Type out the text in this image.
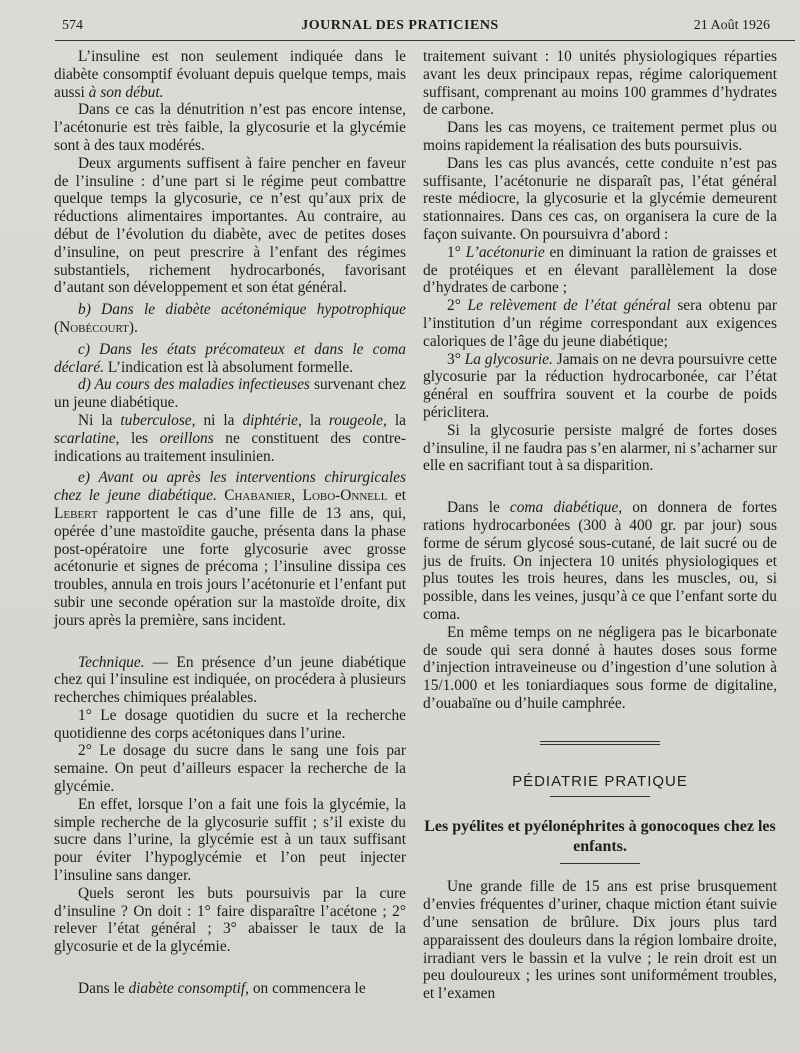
574	JOURNAL DES PRATICIENS	21 Août 1926

L’insuline est non seulement indiquée dans le diabète consomptif évoluant depuis quelque temps, mais aussi à son début.

Dans ce cas la dénutrition n’est pas encore intense, l’acétonurie est très faible, la glycosurie et la glycémie sont à des taux modérés.

Deux arguments suffisent à faire pencher en faveur de l’insuline : d’une part si le régime peut combattre quelque temps la glycosurie, ce n’est qu’aux prix de réductions alimentaires importantes. Au contraire, au début de l’évolution du diabète, avec de petites doses d’insuline, on peut prescrire à l’enfant des régimes substantiels, richement hydrocarbonés, favorisant d’autant son développement et son état général.

b) Dans le diabète acétonémique hypotrophique (Nobécourt).

c) Dans les états précomateux et dans le coma déclaré. L’indication est là absolument formelle.

d) Au cours des maladies infectieuses survenant chez un jeune diabétique.

Ni la tuberculose, ni la diphtérie, la rougeole, la scarlatine, les oreillons ne constituent des contre-indications au traitement insulinien.

e) Avant ou après les interventions chirurgicales chez le jeune diabétique. Chabanier, Lobo-Onnell et Lebert rapportent le cas d’une fille de 13 ans, qui, opérée d’une mastoïdite gauche, présenta dans la phase post-opératoire une forte glycosurie avec grosse acétonurie et signes de précoma ; l’insuline dissipa ces troubles, annula en trois jours l’acétonurie et l’enfant put subir une seconde opération sur la mastoïde droite, dix jours après la première, sans incident.

Technique. — En présence d’un jeune diabétique chez qui l’insuline est indiquée, on procédera à plusieurs recherches chimiques préalables.

1° Le dosage quotidien du sucre et la recherche quotidienne des corps acétoniques dans l’urine.

2° Le dosage du sucre dans le sang une fois par semaine. On peut d’ailleurs espacer la recherche de la glycémie.

En effet, lorsque l’on a fait une fois la glycémie, la simple recherche de la glycosurie suffit ; s’il existe du sucre dans l’urine, la glycémie est à un taux suffisant pour éviter l’hypoglycémie et l’on peut injecter l’insuline sans danger.

Quels seront les buts poursuivis par la cure d’insuline ? On doit : 1° faire disparaître l’acétone ; 2° relever l’état général ; 3° abaisser le taux de la glycosurie et de la glycémie.

Dans le diabète consomptif, on commencera le

traitement suivant : 10 unités physiologiques réparties avant les deux principaux repas, régime caloriquement suffisant, comprenant au moins 100 grammes d’hydrates de carbone.

Dans les cas moyens, ce traitement permet plus ou moins rapidement la réalisation des buts poursuivis.

Dans les cas plus avancés, cette conduite n’est pas suffisante, l’acétonurie ne disparaît pas, l’état général reste médiocre, la glycosurie et la glycémie demeurent stationnaires. Dans ces cas, on organisera la cure de la façon suivante. On poursuivra d’abord :

1° L’acétonurie en diminuant la ration de graisses et de protéiques et en élevant parallèlement la dose d’hydrates de carbone ;

2° Le relèvement de l’état général sera obtenu par l’institution d’un régime correspondant aux exigences caloriques de l’âge du jeune diabétique;

3° La glycosurie. Jamais on ne devra poursuivre cette glycosurie par la réduction hydrocarbonée, car l’état général en souffrira souvent et la courbe de poids périclitera.

Si la glycosurie persiste malgré de fortes doses d’insuline, il ne faudra pas s’en alarmer, ni s’acharner sur elle en sacrifiant tout à sa disparition.

Dans le coma diabétique, on donnera de fortes rations hydrocarbonées (300 à 400 gr. par jour) sous forme de sérum glycosé sous-cutané, de lait sucré ou de jus de fruits. On injectera 10 unités physiologiques et plus toutes les trois heures, dans les muscles, ou, si possible, dans les veines, jusqu’à ce que l’enfant sorte du coma.

En même temps on ne négligera pas le bicarbonate de soude qui sera donné à hautes doses sous forme d’injection intraveineuse ou d’ingestion d’une solution à 15/1.000 et les toniardiaques sous forme de digitaline, d’ouabaïne ou d’huile camphrée.

PÉDIATRIE PRATIQUE
Les pyélites et pyélonéphrites à gonocoques chez les enfants.

Une grande fille de 15 ans est prise brusquement d’envies fréquentes d’uriner, chaque miction étant suivie d’une sensation de brûlure. Dix jours plus tard apparaissent des douleurs dans la région lombaire droite, irradiant vers le bassin et la vulve ; le rein droit est un peu douloureux ; les urines sont uniformément troubles, et l’examen
